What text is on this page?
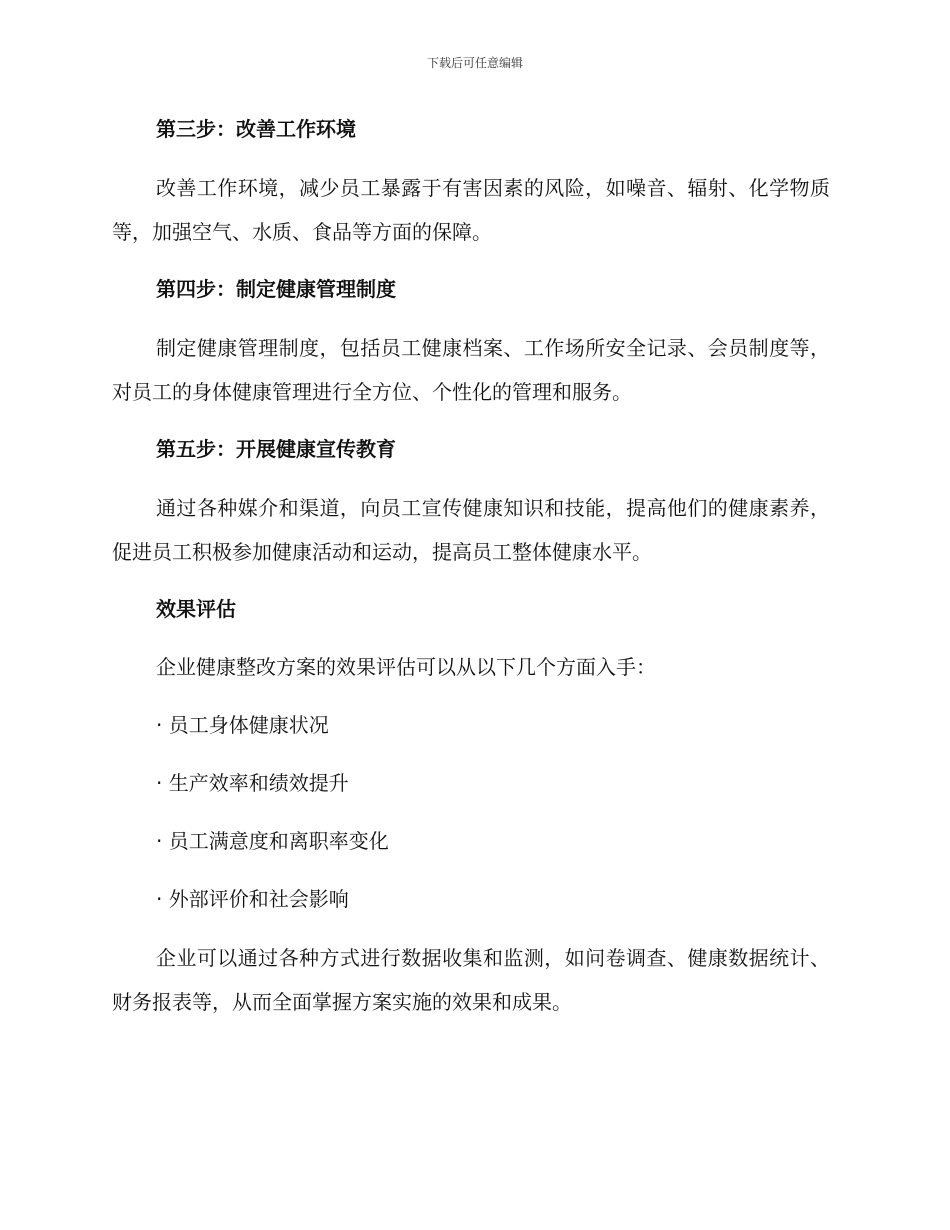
下载后可任意编辑
第三步：改善工作环境
改善工作环境，减少员工暴露于有害因素的风险，如噪音、辐射、化学物质等，加强空气、水质、食品等方面的保障。
第四步：制定健康管理制度
制定健康管理制度，包括员工健康档案、工作场所安全记录、会员制度等，对员工的身体健康管理进行全方位、个性化的管理和服务。
第五步：开展健康宣传教育
通过各种媒介和渠道，向员工宣传健康知识和技能，提高他们的健康素养，促进员工积极参加健康活动和运动，提高员工整体健康水平。
效果评估
企业健康整改方案的效果评估可以从以下几个方面入手：
· 员工身体健康状况
· 生产效率和绩效提升
· 员工满意度和离职率变化
· 外部评价和社会影响
企业可以通过各种方式进行数据收集和监测，如问卷调查、健康数据统计、财务报表等，从而全面掌握方案实施的效果和成果。
